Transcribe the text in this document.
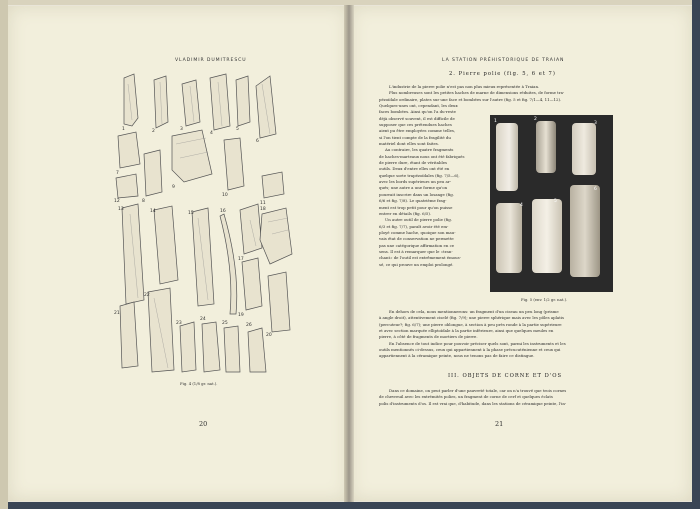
VLADIMIR DUMITRESCU
1	2	3
4
5
6
7
8
9
10
11
12
13	14	15	16
17
18
19
20
21
22
23
24
25	26
Fig. 4 (1/8 gr. nat.).
20
LA STATION PRÉHISTORIQUE DE TRAIAN
2. Pierre polie (fig. 5, 6 et 7)
L'industrie de la pierre polie n'est pas non plus mieux représentée à Traian.
Plus nombreuses sont les petites haches de marne de dimensions réduites, de forme tra-
pézoïdale ordinaire, plates sur une face et bombées sur l'autre (fig. 5 et fig. 7/1—4, 11—12).
Quelques-unes ont, cependant, les deux
faces bombées. Ainsi qu'on l'a du-reste
déjà observé souvent, il est difficile de
supposer que ces prétendues haches
aient pu être employées comme telles,
si l'on tient compte de la fragilité du
matériel dont elles sont faites.
Au contraire, les quatre fragments
de haches-marteaux nous ont été fabriqués
de pierre dure, étant de véritables
outils. Deux d'entre elles ont été en
quelque sorte trapézoïdales (fig. 7/5—6),
avec les bords supérieurs un peu ar-
qués; une autre a une forme qu'on
pourrait inscrire dans un losange (fig.
6/6 et fig. 7/8). Le quatrième frag-
ment est trop petit pour qu'on puisse
entrer en détails (fig. 6/5).
Un autre outil de pierre polie (fig.
6/3 et fig. 7/7), paraît avoir été em-
ployé comme hache, quoique son mau-
vais état de conservation ne permette
pas une catégorique affirmation en ce
sens. Il est à remarquer que le «tran-
chant» de l'outil est extrêmement émous-
sé, ce qui prouve un emploi prolongé.
1	2
3
4
5
6
Fig. 5 (env. 1/2 gr. nat.).
En dehors de cela, nous mentionnerons: un fragment d'un ciseau un peu long (prisme
à angle droit), attentivement ciselé (fig. 7/9); une pierre sphérique mais avec les pôles aplatis
(percuteur?; fig. 6/7); une pierre oblongue, à section à peu près ronde à la partie supérieure
et avec section marquée elliptoïdale à la partie inférieure, ainsi que quelques meules en
pierre, à côté de fragments de mortiers de pierre.
En l'absence de tout indice pour pouvoir préciser quels sont, parmi les instruments et les
outils mentionnés ci-dessus, ceux qui appartiennent à la phase précucuténienne et ceux qui
appartiennent à la céramique peinte, nous ne tenons pas de faire ce distingue.
III. OBJETS DE CORNE ET D'OS
Dans ce domaine, on peut parler d'une pauvreté totale, car on n'a trouvé que trois cornes
de chevreuil avec les extrémités polies, un fragment de corne de cerf et quelques éclats
polis d'instruments d'os. Il est vrai que, d'habitude, dans les stations de céramique peinte, l'in-
21
